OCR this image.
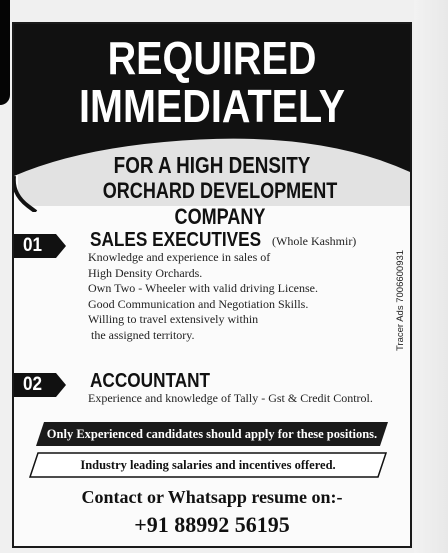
REQUIRED
IMMEDIATELY
FOR A HIGH DENSITY
ORCHARD DEVELOPMENT COMPANY
01 SALES EXECUTIVES (Whole Kashmir)
Knowledge and experience in sales of
High Density Orchards.
Own Two - Wheeler with valid driving License.
Good Communication and Negotiation Skills.
Willing to travel extensively within
the assigned territory.	Tracer Ads 7006600931
02 ACCOUNTANT
Experience and knowledge of Tally - Gst & Credit Control.
Only Experienced candidates should apply for these positions.
Industry leading salaries and incentives offered.
Contact or Whatsapp resume on:-
+91 88992 56195
